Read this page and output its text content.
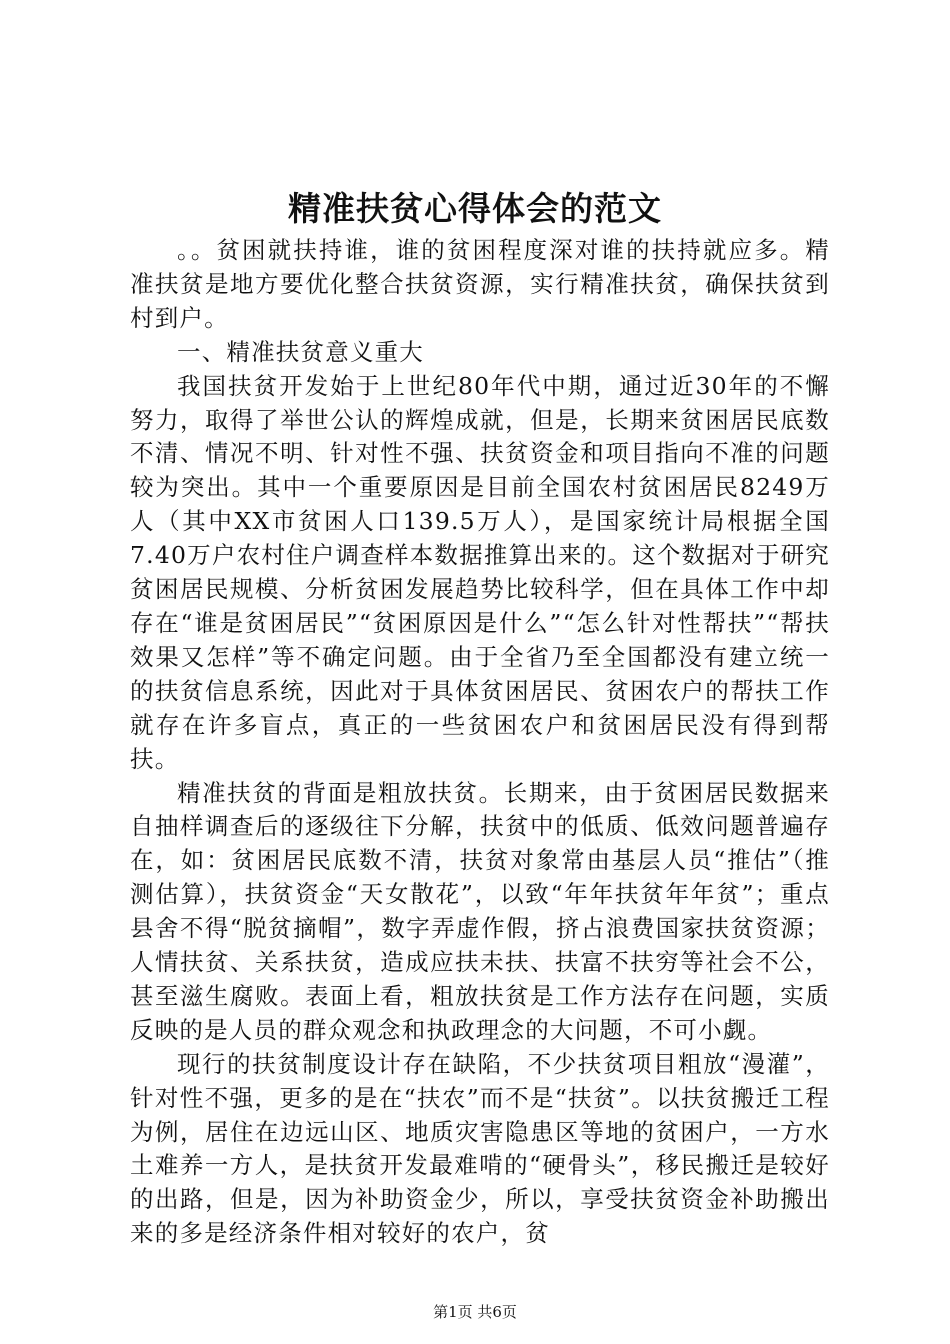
精准扶贫心得体会的范文

。。贫困就扶持谁，谁的贫困程度深对谁的扶持就应多。精准扶贫是地方要优化整合扶贫资源，实行精准扶贫，确保扶贫到村到户。

一、精准扶贫意义重大

我国扶贫开发始于上世纪80年代中期，通过近30年的不懈努力，取得了举世公认的辉煌成就，但是，长期来贫困居民底数不清、情况不明、针对性不强、扶贫资金和项目指向不准的问题较为突出。其中一个重要原因是目前全国农村贫困居民8249万人（其中XX市贫困人口139.5万人），是国家统计局根据全国7.40万户农村住户调查样本数据推算出来的。这个数据对于研究贫困居民规模、分析贫困发展趋势比较科学，但在具体工作中却存在“谁是贫困居民”“贫困原因是什么”“怎么针对性帮扶”“帮扶效果又怎样”等不确定问题。由于全省乃至全国都没有建立统一的扶贫信息系统，因此对于具体贫困居民、贫困农户的帮扶工作就存在许多盲点，真正的一些贫困农户和贫困居民没有得到帮扶。

精准扶贫的背面是粗放扶贫。长期来，由于贫困居民数据来自抽样调查后的逐级往下分解，扶贫中的低质、低效问题普遍存在，如：贫困居民底数不清，扶贫对象常由基层人员“推估”（推测估算），扶贫资金“天女散花”，以致“年年扶贫年年贫”；重点县舍不得“脱贫摘帽”，数字弄虚作假，挤占浪费国家扶贫资源；人情扶贫、关系扶贫，造成应扶未扶、扶富不扶穷等社会不公，甚至滋生腐败。表面上看，粗放扶贫是工作方法存在问题，实质反映的是人员的群众观念和执政理念的大问题，不可小觑。

现行的扶贫制度设计存在缺陷，不少扶贫项目粗放“漫灌”，针对性不强，更多的是在“扶农”而不是“扶贫”。以扶贫搬迁工程为例，居住在边远山区、地质灾害隐患区等地的贫困户，一方水土难养一方人，是扶贫开发最难啃的“硬骨头”，移民搬迁是较好的出路，但是，因为补助资金少，所以，享受扶贫资金补助搬出来的多是经济条件相对较好的农户，贫

第1页 共6页
